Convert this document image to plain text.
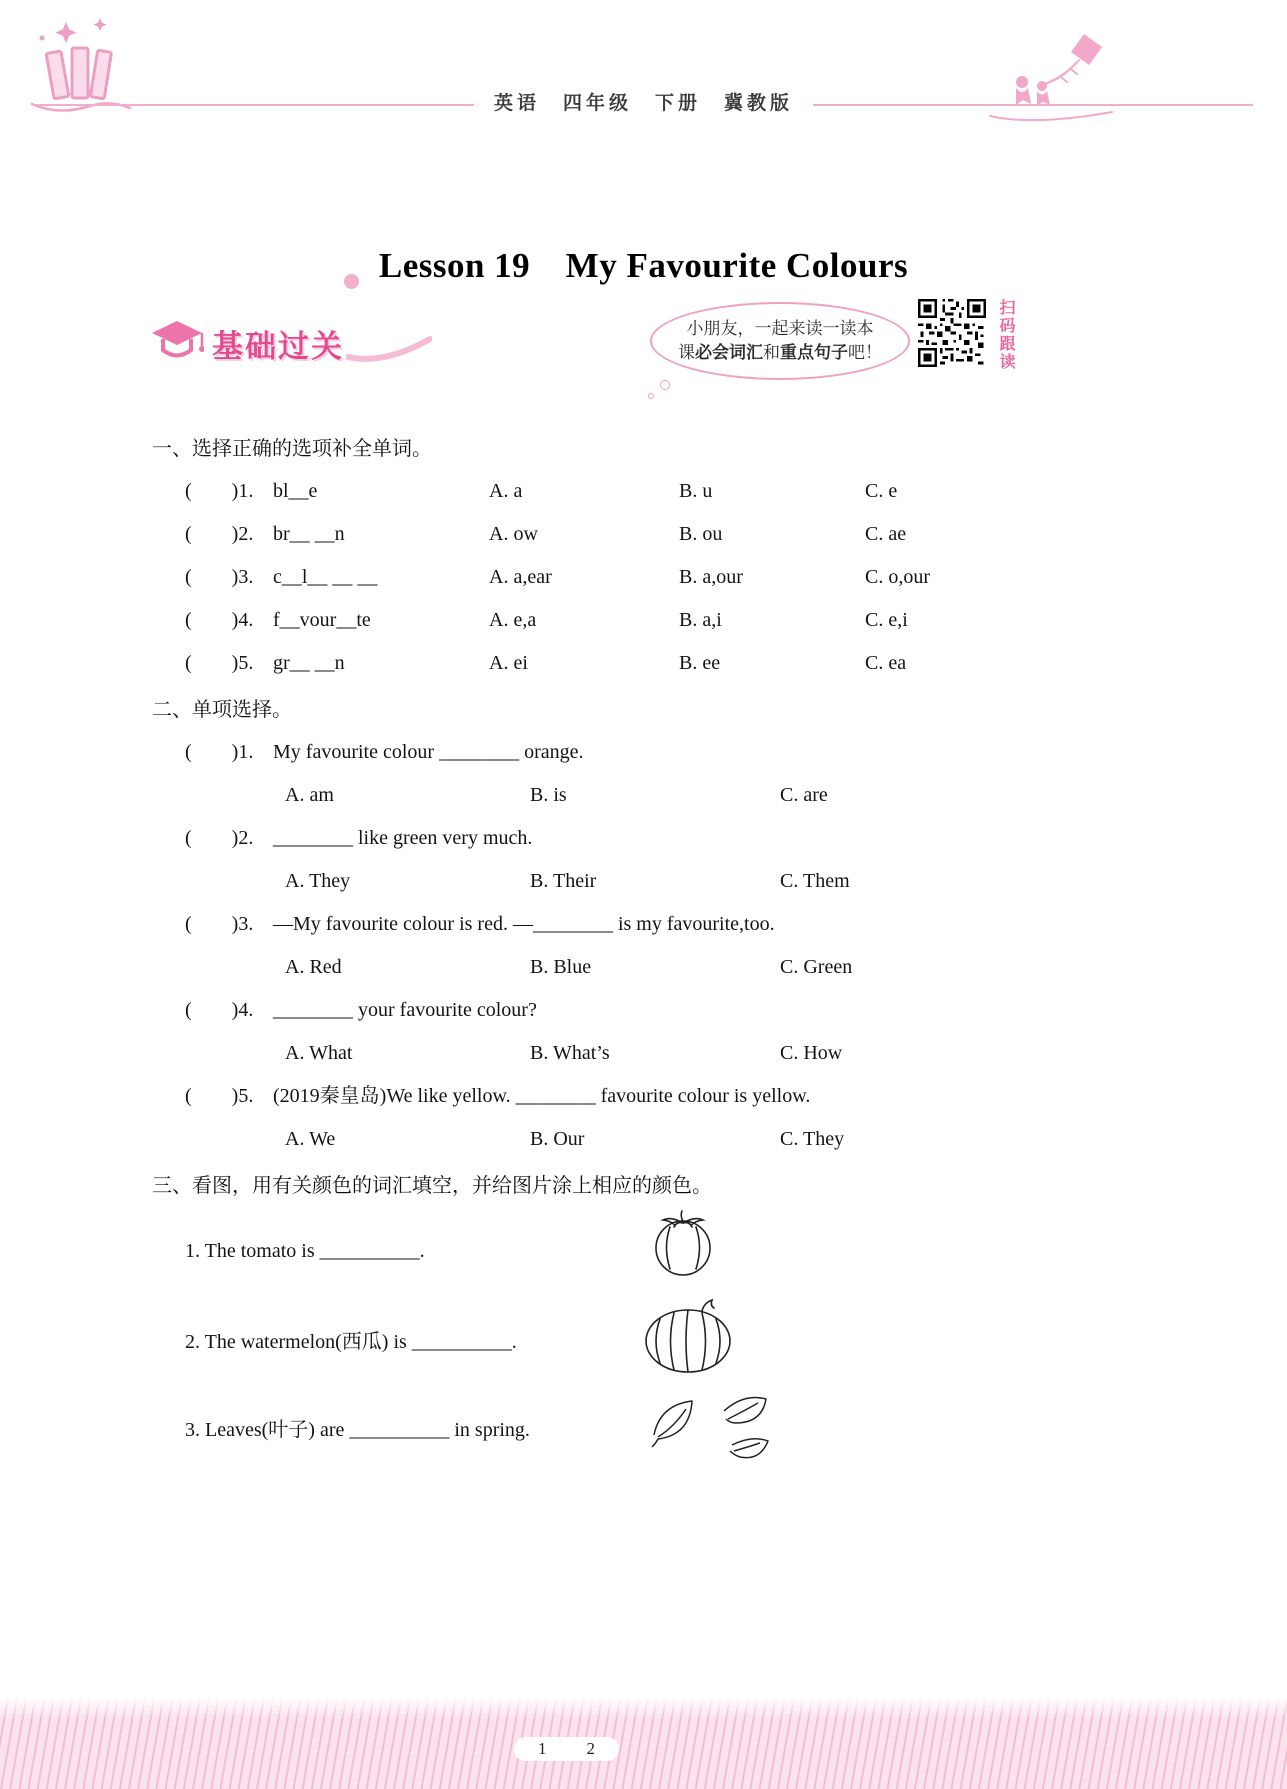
英语　四年级　下册　冀教版
Lesson 19　My Favourite Colours
基础过关
小朋友，一起来读一读本
课必会词汇和重点句子吧！	扫码跟读
一、选择正确的选项补全单词。
(　　)1. bl__e	A. a	B. u	C. e
(　　)2. br__ __n	A. ow	B. ou	C. ae
(　　)3. c__l__ __ __	A. a,ear	B. a,our	C. o,our
(　　)4. f__vour__te	A. e,a	B. a,i	C. e,i
(　　)5. gr__ __n	A. ei	B. ee	C. ea
二、单项选择。
(　　)1. My favourite colour ________ orange.
A. am	B. is	C. are
(　　)2. ________ like green very much.
A. They	B. Their	C. Them
(　　)3. —My favourite colour is red. —________ is my favourite,too.
A. Red	B. Blue	C. Green
(　　)4. ________ your favourite colour?
A. What	B. What’s	C. How
(　　)5. (2019秦皇岛)We like yellow. ________ favourite colour is yellow.
A. We	B. Our	C. They
三、看图，用有关颜色的词汇填空，并给图片涂上相应的颜色。
1. The tomato is __________.
2. The watermelon(西瓜) is __________.
3. Leaves(叶子) are __________ in spring.
1 2
